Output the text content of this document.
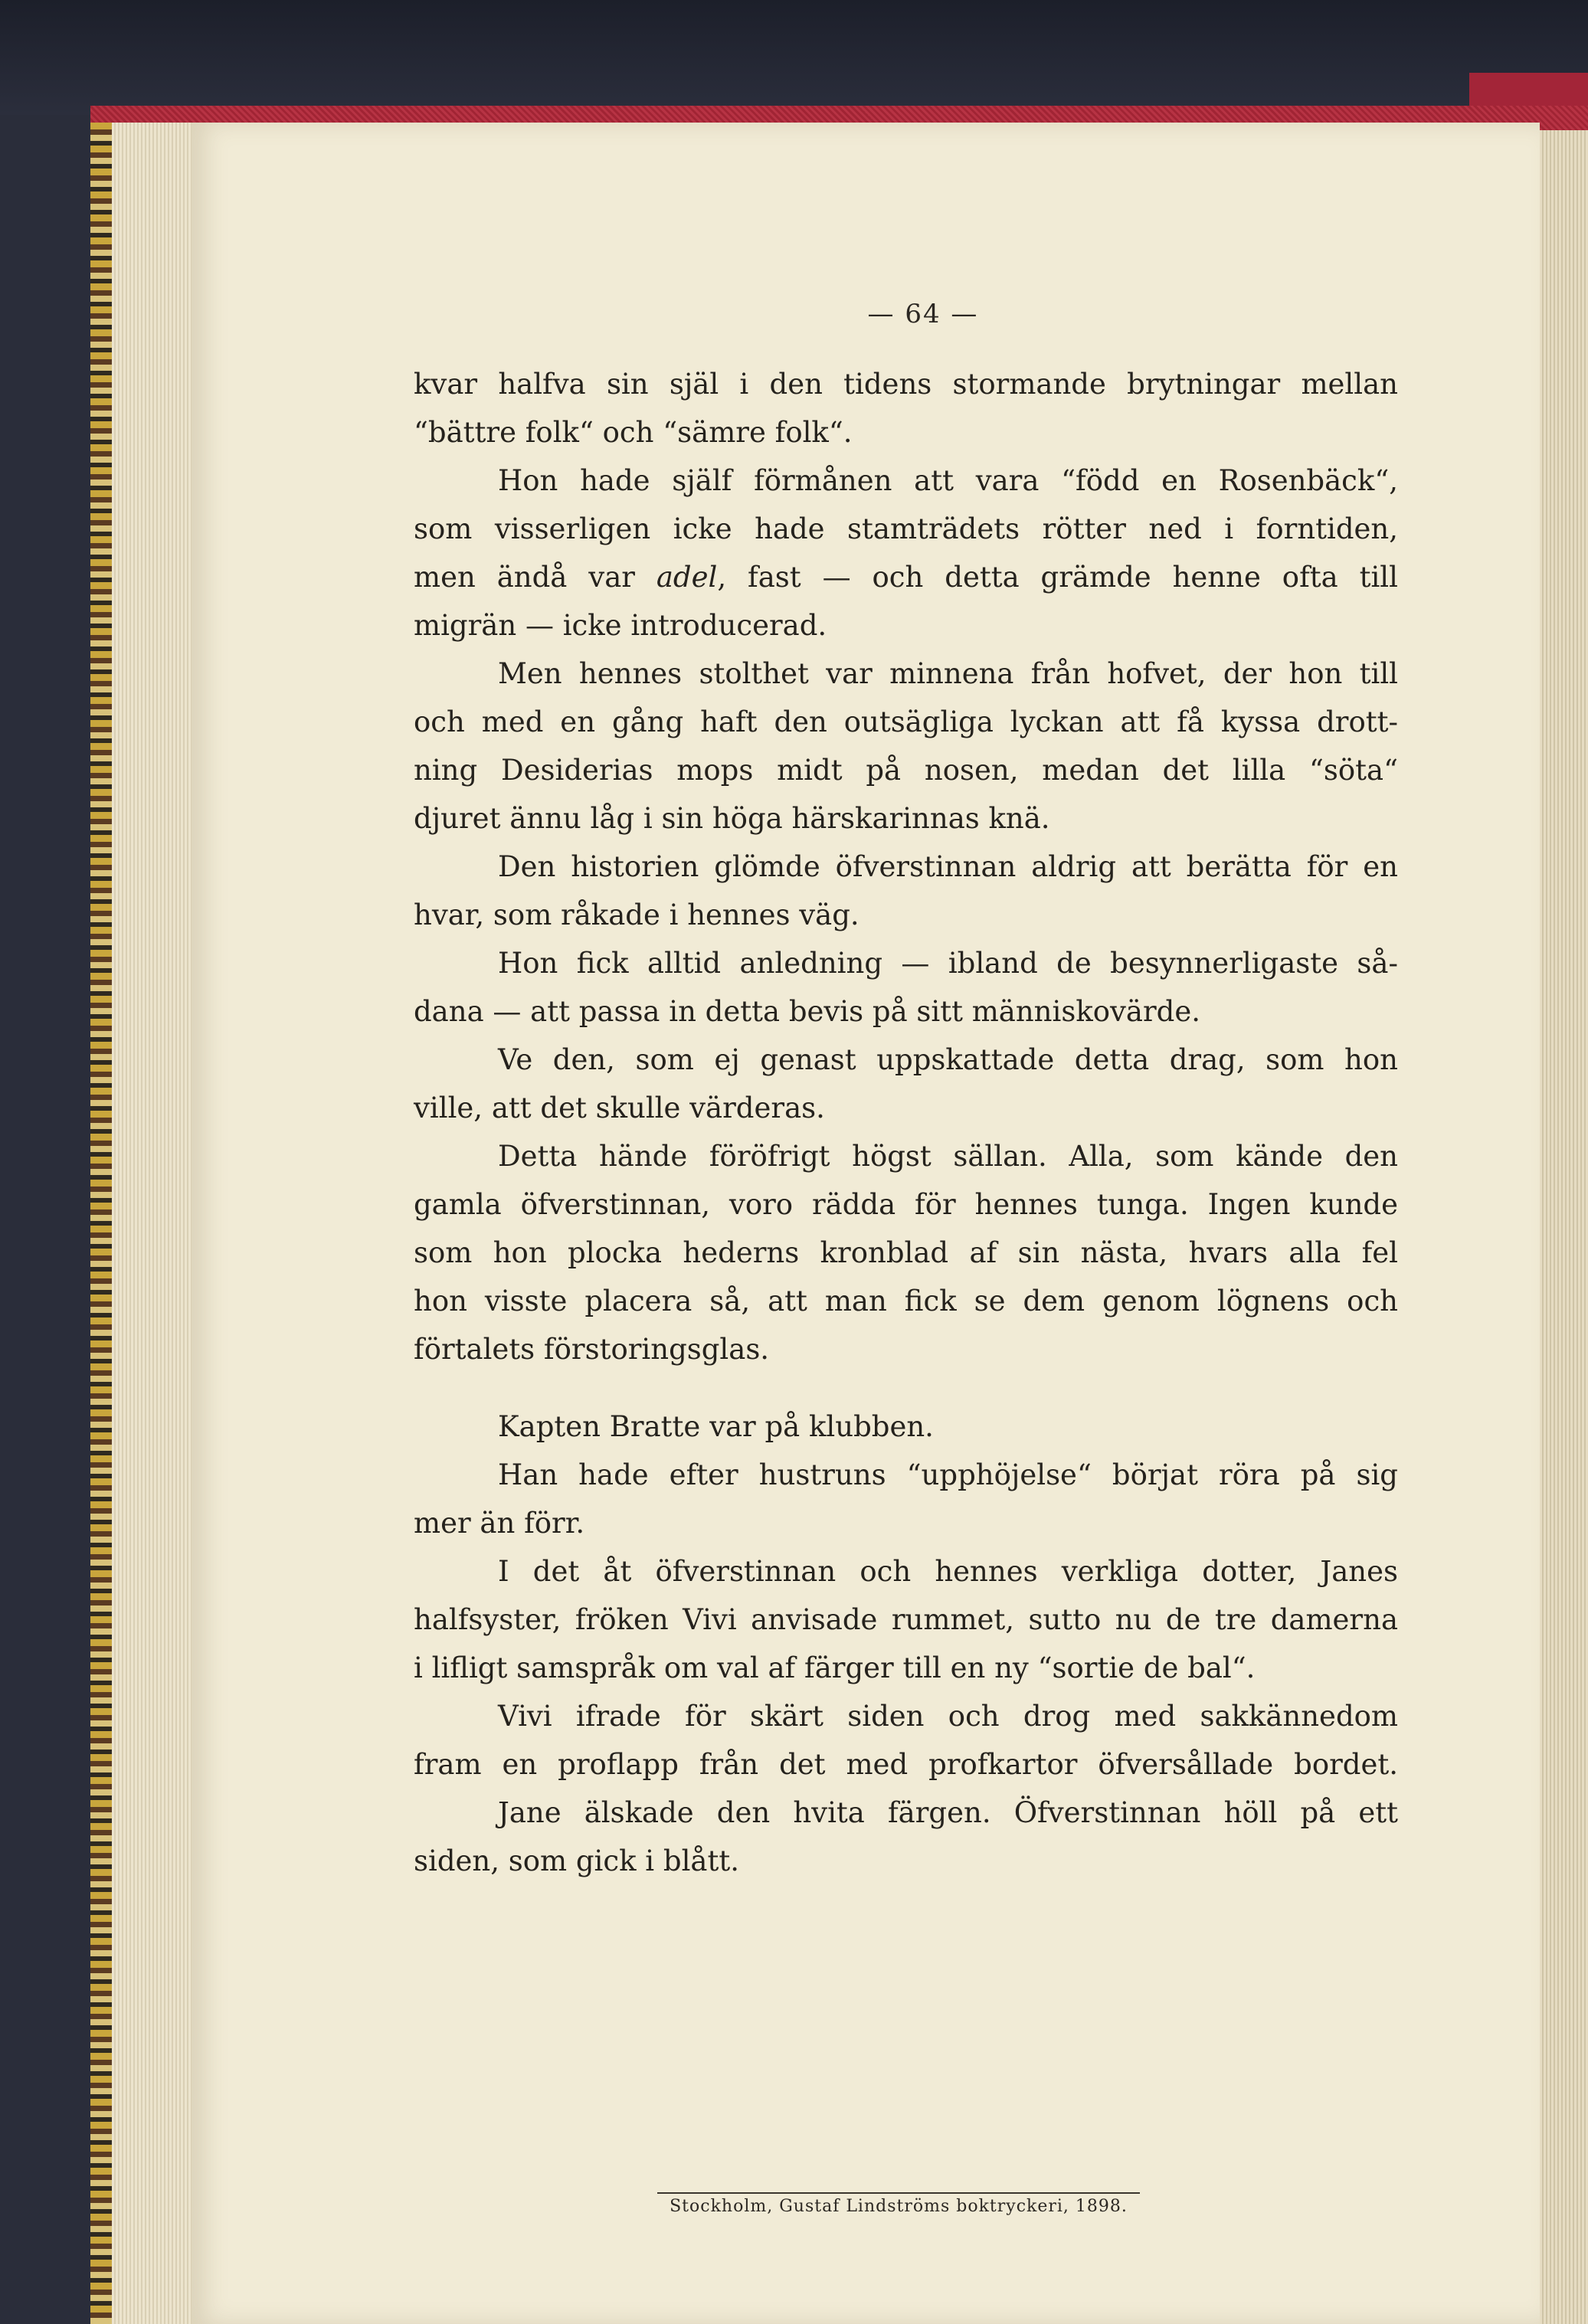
— 64 —
kvar halfva sin själ i den tidens stormande brytningar mellan
“bättre folk“ och “sämre folk“.
Hon hade själf förmånen att vara “född en Rosenbäck“,
som visserligen icke hade stamträdets rötter ned i forntiden,
men ändå var adel, fast — och detta grämde henne ofta till
migrän — icke introducerad.
Men hennes stolthet var minnena från hofvet, der hon till
och med en gång haft den outsägliga lyckan att få kyssa drott-
ning Desiderias mops midt på nosen, medan det lilla “söta“
djuret ännu låg i sin höga härskarinnas knä.
Den historien glömde öfverstinnan aldrig att berätta för en
hvar, som råkade i hennes väg.
Hon fick alltid anledning — ibland de besynnerligaste så-
dana — att passa in detta bevis på sitt människovärde.
Ve den, som ej genast uppskattade detta drag, som hon
ville, att det skulle värderas.
Detta hände föröfrigt högst sällan. Alla, som kände den
gamla öfverstinnan, voro rädda för hennes tunga. Ingen kunde
som hon plocka hederns kronblad af sin nästa, hvars alla fel
hon visste placera så, att man fick se dem genom lögnens och
förtalets förstoringsglas.
Kapten Bratte var på klubben.
Han hade efter hustruns “upphöjelse“ börjat röra på sig
mer än förr.
I det åt öfverstinnan och hennes verkliga dotter, Janes
halfsyster, fröken Vivi anvisade rummet, sutto nu de tre damerna
i lifligt samspråk om val af färger till en ny “sortie de bal“.
Vivi ifrade för skärt siden och drog med sakkännedom
fram en proflapp från det med profkartor öfversållade bordet.
Jane älskade den hvita färgen. Öfverstinnan höll på ett
siden, som gick i blått.
Stockholm, Gustaf Lindströms boktryckeri, 1898.
